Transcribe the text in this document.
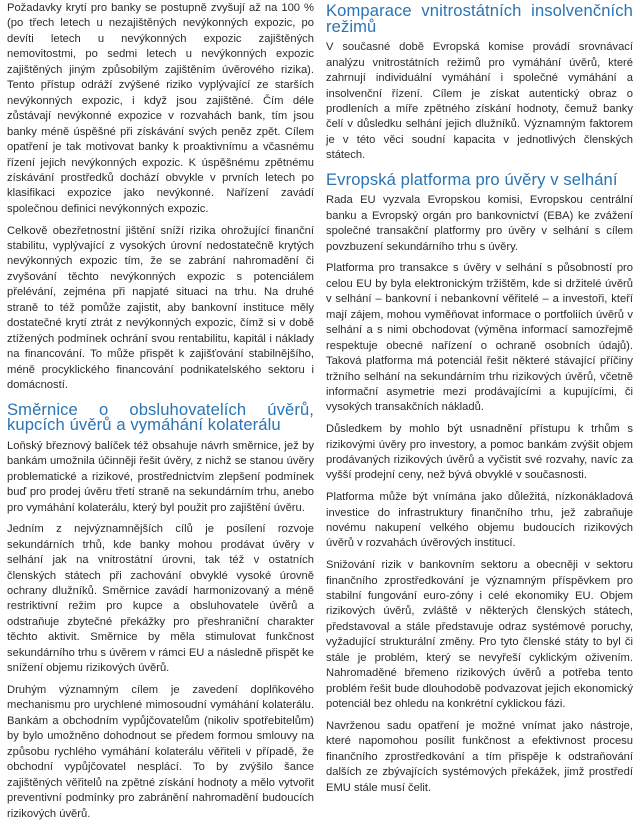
Požadavky krytí pro banky se postupně zvyšují až na 100 % (po třech letech u nezajištěných nevýkonných expozic, po devíti letech u nevýkonných expozic zajištěných nemovitostmi, po sedmi letech u nevýkonných expozic zajištěných jiným způsobilým zajištěním úvěrového rizika). Tento přístup odráží zvýšené riziko vyplývající ze starších nevýkonných expozic, i když jsou zajištěné. Čím déle zůstávají nevýkonné expozice v rozvahách bank, tím jsou banky méně úspěšné při získávání svých peněz zpět. Cílem opatření je tak motivovat banky k proaktivnímu a včasnému řízení jejich nevýkonných expozic. K úspěšnému zpětnému získávání prostředků dochází obvykle v prvních letech po klasifikaci expozice jako nevýkonné. Nařízení zavádí společnou definici nevýkonných expozic.

Celkově obezřetnostní jištění sníží rizika ohrožující finanční stabilitu, vyplývající z vysokých úrovní nedostatečně krytých nevýkonných expozic tím, že se zabrání nahromadění či zvyšování těchto nevýkonných expozic s potenciálem přelévání, zejména při napjaté situaci na trhu. Na druhé straně to též pomůže zajistit, aby bankovní instituce měly dostatečné krytí ztrát z nevýkonných expozic, čímž si v době ztížených podmínek ochrání svou rentabilitu, kapitál i náklady na financování. To může přispět k zajišťování stabilnějšího, méně procyklického financování podnikatelského sektoru i domácností.

Směrnice o obsluhovatelích úvěrů, kupcích úvěrů a vymáhání kolaterálu

Loňský březnový balíček též obsahuje návrh směrnice, jež by bankám umožnila účinněji řešit úvěry, z nichž se stanou úvěry problematické a rizikové, prostřednictvím zlepšení podmínek buď pro prodej úvěru třetí straně na sekundárním trhu, anebo pro vymáhání kolaterálu, který byl použit pro zajištění úvěru.

Jedním z nejvýznamnějších cílů je posílení rozvoje sekundárních trhů, kde banky mohou prodávat úvěry v selhání jak na vnitrostátní úrovni, tak též v ostatních členských státech při zachování obvyklé vysoké úrovně ochrany dlužníků. Směrnice zavádí harmonizovaný a méně restriktivní režim pro kupce a obsluhovatele úvěrů a odstraňuje zbytečné překážky pro přeshraniční charakter těchto aktivit. Směrnice by měla stimulovat funkčnost sekundárního trhu s úvěrem v rámci EU a následně přispět ke snížení objemu rizikových úvěrů.

Druhým významným cílem je zavedení doplňkového mechanismu pro urychlené mimosoudní vymáhání kolaterálu. Bankám a obchodním vypůjčovatelům (nikoliv spotřebitelům) by bylo umožněno dohodnout se předem formou smlouvy na způsobu rychlého vymáhání kolaterálu věřiteli v případě, že obchodní vypůjčovatel nesplácí. To by zvýšilo šance zajištěných věřitelů na zpětné získání hodnoty a mělo vytvořit preventivní podmínky pro zabránění nahromadění budoucích rizikových úvěrů.

Komparace vnitrostátních insolvenčních režimů

V současné době Evropská komise provádí srovnávací analýzu vnitrostátních režimů pro vymáhání úvěrů, které zahrnují individuální vymáhání i společné vymáhání a insolvenční řízení. Cílem je získat autentický obraz o prodleních a míře zpětného získání hodnoty, čemuž banky čelí v důsledku selhání jejich dlužníků. Významným faktorem je v této věci soudní kapacita v jednotlivých členských státech.

Evropská platforma pro úvěry v selhání

Rada EU vyzvala Evropskou komisi, Evropskou centrální banku a Evropský orgán pro bankovnictví (EBA) ke zvážení společné transakční platformy pro úvěry v selhání s cílem povzbuzení sekundárního trhu s úvěry.

Platforma pro transakce s úvěry v selhání s působností pro celou EU by byla elektronickým tržištěm, kde si držitelé úvěrů v selhání – bankovní i nebankovní věřitelé – a investoři, kteří mají zájem, mohou vyměňovat informace o portfoliích úvěrů v selhání a s nimi obchodovat (výměna informací samozřejmě respektuje obecné nařízení o ochraně osobních údajů). Taková platforma má potenciál řešit některé stávající příčiny tržního selhání na sekundárním trhu rizikových úvěrů, včetně informační asymetrie mezi prodávajícími a kupujícími, či vysokých transakčních nákladů.

Důsledkem by mohlo být usnadnění přístupu k trhům s rizikovými úvěry pro investory, a pomoc bankám zvýšit objem prodávaných rizikových úvěrů a vyčistit své rozvahy, navíc za vyšší prodejní ceny, než bývá obvyklé v současnosti.

Platforma může být vnímána jako důležitá, nízkonákladová investice do infrastruktury finančního trhu, jež zabraňuje novému nakupení velkého objemu budoucích rizikových úvěrů v rozvahách úvěrových institucí.

Snižování rizik v bankovním sektoru a obecněji v sektoru finančního zprostředkování je významným příspěvkem pro stabilní fungování euro-zóny i celé ekonomiky EU. Objem rizikových úvěrů, zvláště v některých členských státech, představoval a stále představuje odraz systémové poruchy, vyžadující strukturální změny. Pro tyto členské státy to byl či stále je problém, který se nevyřeší cyklickým oživením. Nahromaděné břemeno rizikových úvěrů a potřeba tento problém řešit bude dlouhodobě podvazovat jejich ekonomický potenciál bez ohledu na konkrétní cyklickou fázi.

Navrženou sadu opatření je možné vnímat jako nástroje, které napomohou posílit funkčnost a efektivnost procesu finančního zprostředkování a tím přispěje k odstraňování dalších ze zbývajících systémových překážek, jimž prostředí EMU stále musí čelit.
